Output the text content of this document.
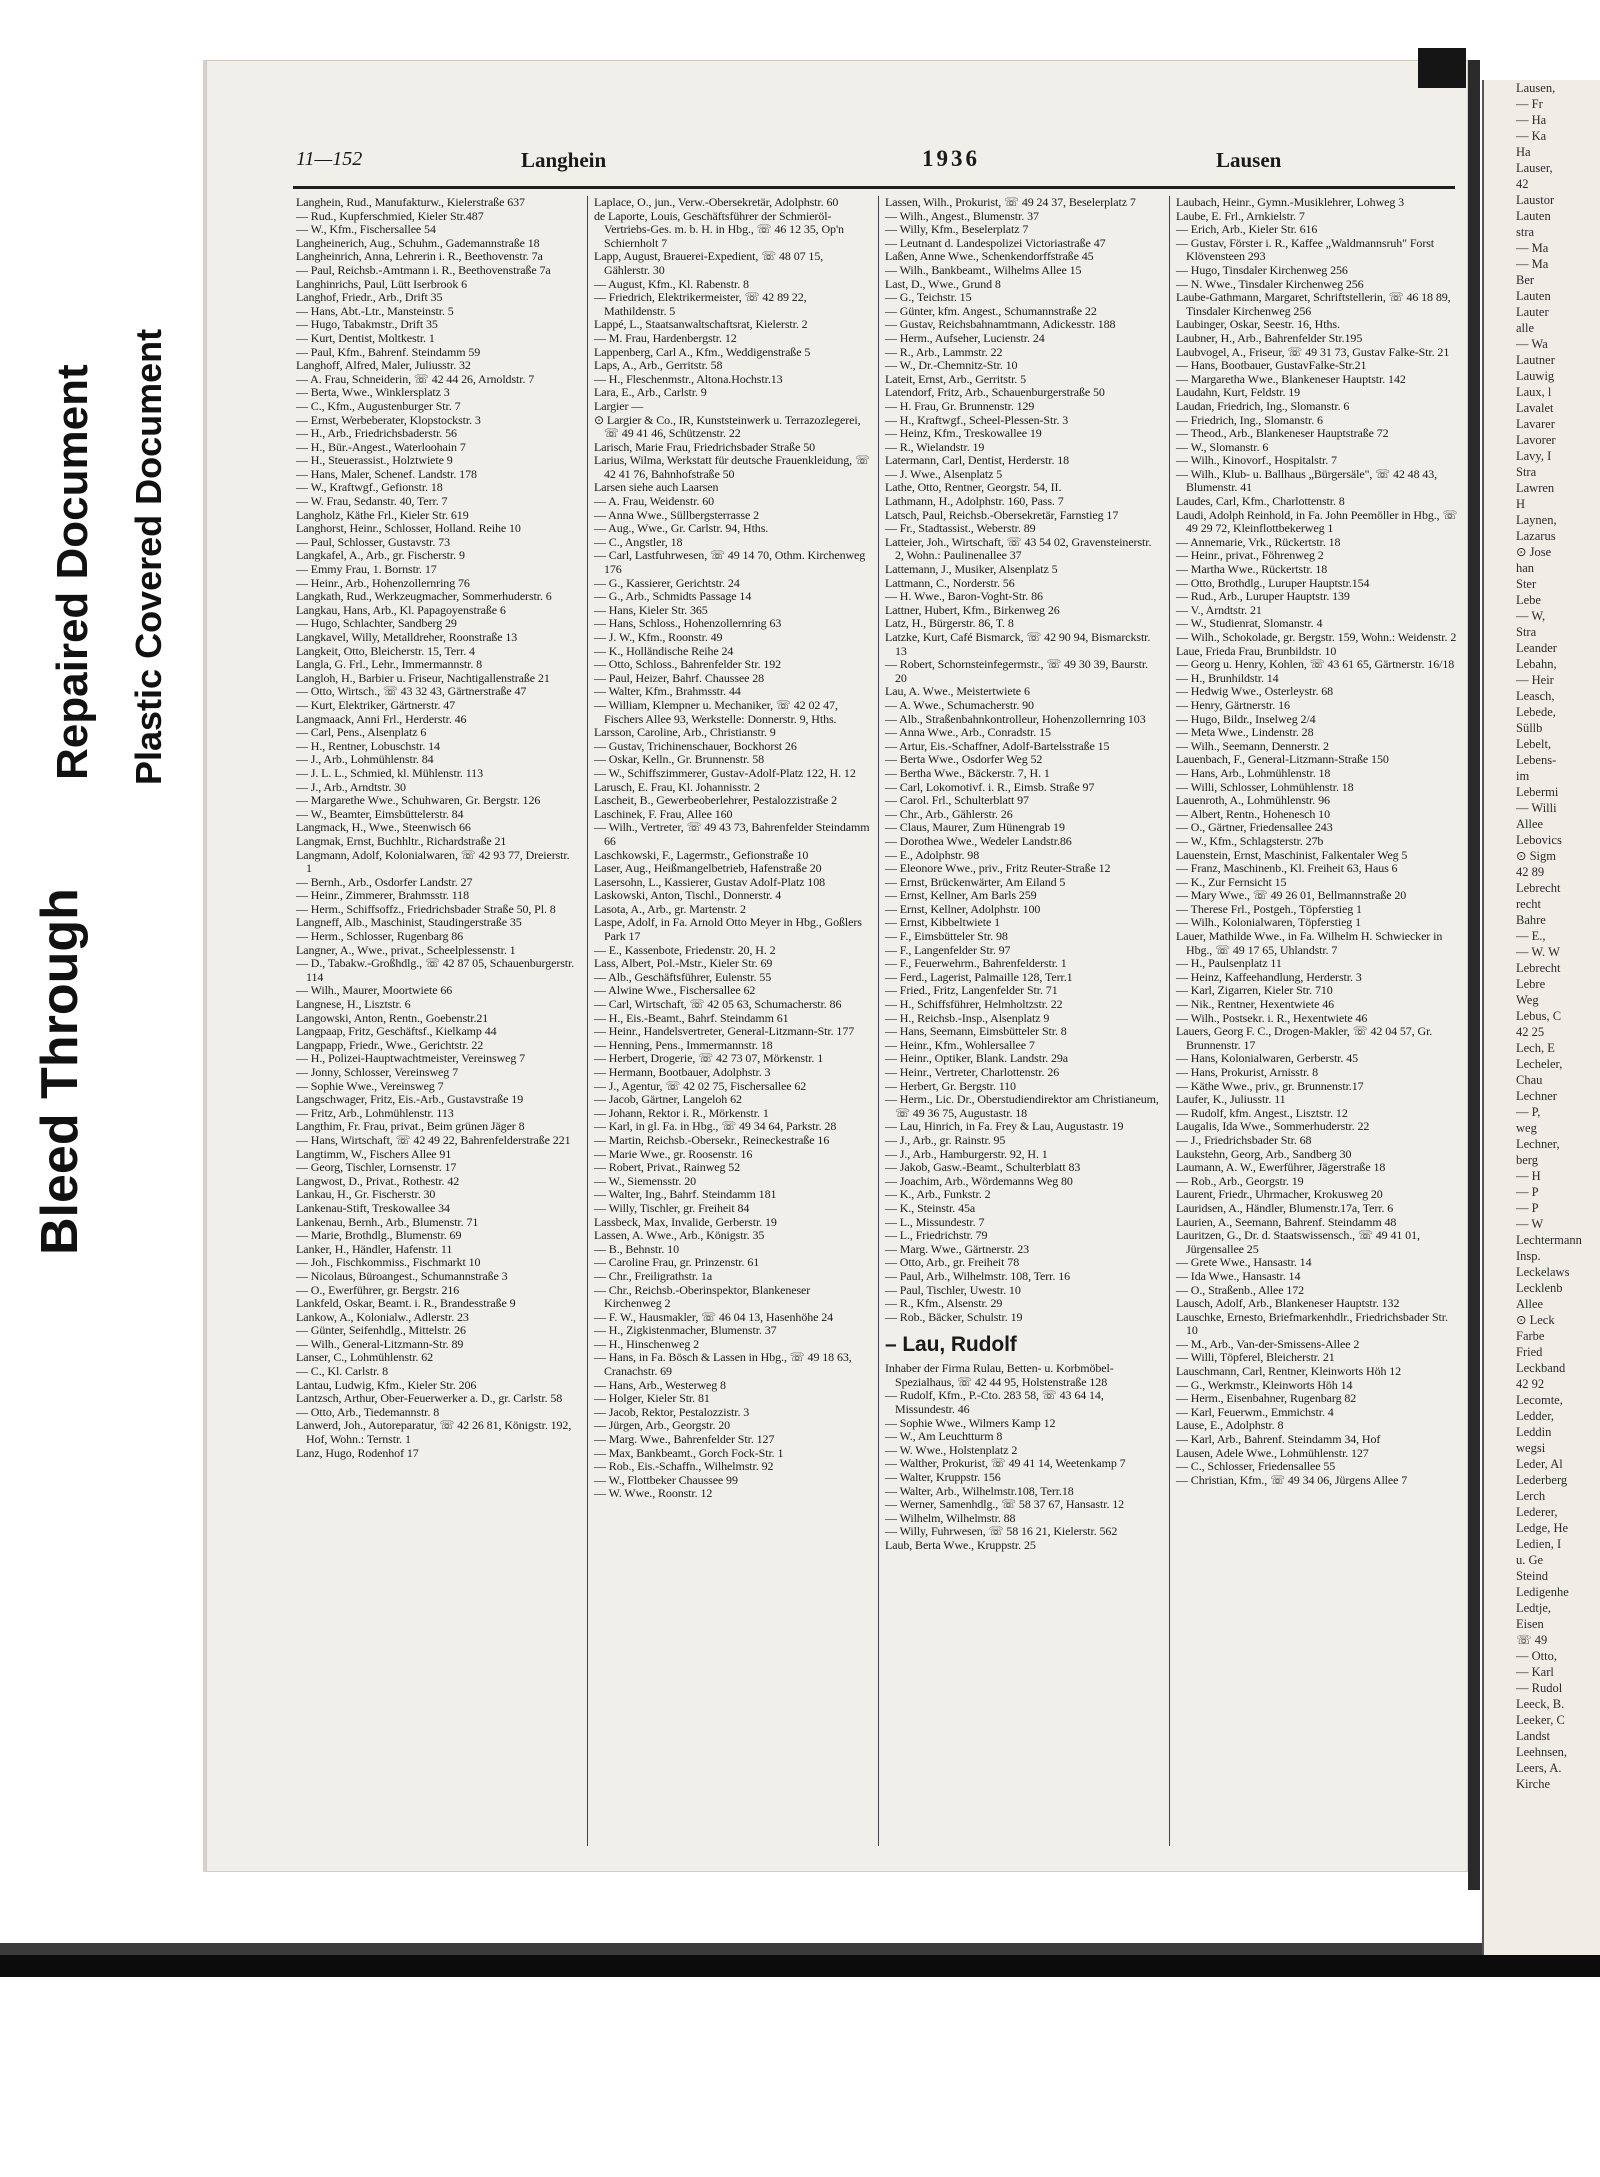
Bleed Through
Repaired Document Plastic Covered Document
11—152	Langhein	1936	Lausen

Langhein, Rud., Manufakturw., Kielerstraße 637

— Rud., Kupferschmied, Kieler Str.487

— W., Kfm., Fischersallee 54

Langheinerich, Aug., Schuhm., Gademannstraße 18

Langheinrich, Anna, Lehrerin i. R., Beethovenstr. 7a

— Paul, Reichsb.-Amtmann i. R., Beethovenstraße 7a

Langhinrichs, Paul, Lütt Iserbrook 6

Langhof, Friedr., Arb., Drift 35

— Hans, Abt.-Ltr., Mansteinstr. 5

— Hugo, Tabakmstr., Drift 35

— Kurt, Dentist, Moltkestr. 1

— Paul, Kfm., Bahrenf. Steindamm 59

Langhoff, Alfred, Maler, Juliusstr. 32

— A. Frau, Schneiderin, ☏ 42 44 26, Arnoldstr. 7

— Berta, Wwe., Winklersplatz 3

— C., Kfm., Augustenburger Str. 7

— Ernst, Werbeberater, Klopstockstr. 3

— H., Arb., Friedrichsbaderstr. 56

— H., Bür.-Angest., Waterloohain 7

— H., Steuerassist., Holztwiete 9

— Hans, Maler, Schenef. Landstr. 178

— W., Kraftwgf., Gefionstr. 18

— W. Frau, Sedanstr. 40, Terr. 7

Langholz, Käthe Frl., Kieler Str. 619

Langhorst, Heinr., Schlosser, Holland. Reihe 10

— Paul, Schlosser, Gustavstr. 73

Langkafel, A., Arb., gr. Fischerstr. 9

— Emmy Frau, 1. Bornstr. 17

— Heinr., Arb., Hohenzollernring 76

Langkath, Rud., Werkzeugmacher, Sommerhuderstr. 6

Langkau, Hans, Arb., Kl. Papagoyenstraße 6

— Hugo, Schlachter, Sandberg 29

Langkavel, Willy, Metalldreher, Roonstraße 13

Langkeit, Otto, Bleicherstr. 15, Terr. 4

Langla, G. Frl., Lehr., Immermannstr. 8

Langloh, H., Barbier u. Friseur, Nachtigallenstraße 21

— Otto, Wirtsch., ☏ 43 32 43, Gärtnerstraße 47

— Kurt, Elektriker, Gärtnerstr. 47

Langmaack, Anni Frl., Herderstr. 46

— Carl, Pens., Alsenplatz 6

— H., Rentner, Lobuschstr. 14

— J., Arb., Lohmühlenstr. 84

— J. L. L., Schmied, kl. Mühlenstr. 113

— J., Arb., Arndtstr. 30

— Margarethe Wwe., Schuhwaren, Gr. Bergstr. 126

— W., Beamter, Eimsbüttelerstr. 84

Langmack, H., Wwe., Steenwisch 66

Langmak, Ernst, Buchhltr., Richardstraße 21

Langmann, Adolf, Kolonialwaren, ☏ 42 93 77, Dreierstr. 1

— Bernh., Arb., Osdorfer Landstr. 27

— Heinr., Zimmerer, Brahmsstr. 118

— Herm., Schiffsoffz., Friedrichsbader Straße 50, Pl. 8

Langneff, Alb., Maschinist, Staudingerstraße 35

— Herm., Schlosser, Rugenbarg 86

Langner, A., Wwe., privat., Scheelplessenstr. 1

— D., Tabakw.-Großhdlg., ☏ 42 87 05, Schauenburgerstr. 114

— Wilh., Maurer, Moortwiete 66

Langnese, H., Lisztstr. 6

Langowski, Anton, Rentn., Goebenstr.21

Langpaap, Fritz, Geschäftsf., Kielkamp 44

Langpapp, Friedr., Wwe., Gerichtstr. 22

— H., Polizei-Hauptwachtmeister, Vereinsweg 7

— Jonny, Schlosser, Vereinsweg 7

— Sophie Wwe., Vereinsweg 7

Langschwager, Fritz, Eis.-Arb., Gustavstraße 19

— Fritz, Arb., Lohmühlenstr. 113

Langthim, Fr. Frau, privat., Beim grünen Jäger 8

— Hans, Wirtschaft, ☏ 42 49 22, Bahrenfelderstraße 221

Langtimm, W., Fischers Allee 91

— Georg, Tischler, Lornsenstr. 17

Langwost, D., Privat., Rothestr. 42

Lankau, H., Gr. Fischerstr. 30

Lankenau-Stift, Treskowallee 34

Lankenau, Bernh., Arb., Blumenstr. 71

— Marie, Brothdlg., Blumenstr. 69

Lanker, H., Händler, Hafenstr. 11

— Joh., Fischkommiss., Fischmarkt 10

— Nicolaus, Büroangest., Schumannstraße 3

— O., Ewerführer, gr. Bergstr. 216

Lankfeld, Oskar, Beamt. i. R., Brandesstraße 9

Lankow, A., Kolonialw., Adlerstr. 23

— Günter, Seifenhdlg., Mittelstr. 26

— Wilh., General-Litzmann-Str. 89

Lanser, C., Lohmühlenstr. 62

— C., Kl. Carlstr. 8

Lantau, Ludwig, Kfm., Kieler Str. 206

Lantzsch, Arthur, Ober-Feuerwerker a. D., gr. Carlstr. 58

— Otto, Arb., Tiedemannstr. 8

Lanwerd, Joh., Autoreparatur, ☏ 42 26 81, Königstr. 192, Hof, Wohn.: Ternstr. 1

Lanz, Hugo, Rodenhof 17

Laplace, O., jun., Verw.-Obersekretär, Adolphstr. 60

de Laporte, Louis, Geschäftsführer der Schmieröl-Vertriebs-Ges. m. b. H. in Hbg., ☏ 46 12 35, Op'n Schiernholt 7

Lapp, August, Brauerei-Expedient, ☏ 48 07 15, Gählerstr. 30

— August, Kfm., Kl. Rabenstr. 8

— Friedrich, Elektrikermeister, ☏ 42 89 22, Mathildenstr. 5

Lappé, L., Staatsanwaltschaftsrat, Kielerstr. 2

— M. Frau, Hardenbergstr. 12

Lappenberg, Carl A., Kfm., Weddigenstraße 5

Laps, A., Arb., Gerritstr. 58

— H., Fleschenmstr., Altona.Hochstr.13

Lara, E., Arb., Carlstr. 9

Largier —

⊙ Largier & Co., IR, Kunststeinwerk u. Terrazozlegerei, ☏ 49 41 46, Schützenstr. 22

Larisch, Marie Frau, Friedrichsbader Straße 50

Larius, Wilma, Werkstatt für deutsche Frauenkleidung, ☏ 42 41 76, Bahnhofstraße 50

Larsen siehe auch Laarsen

— A. Frau, Weidenstr. 60

— Anna Wwe., Süllbergsterrasse 2

— Aug., Wwe., Gr. Carlstr. 94, Hths.

— C., Angstler, 18

— Carl, Lastfuhrwesen, ☏ 49 14 70, Othm. Kirchenweg 176

— G., Kassierer, Gerichtstr. 24

— G., Arb., Schmidts Passage 14

— Hans, Kieler Str. 365

— Hans, Schloss., Hohenzollernring 63

— J. W., Kfm., Roonstr. 49

— K., Holländische Reihe 24

— Otto, Schloss., Bahrenfelder Str. 192

— Paul, Heizer, Bahrf. Chaussee 28

— Walter, Kfm., Brahmsstr. 44

— William, Klempner u. Mechaniker, ☏ 42 02 47, Fischers Allee 93, Werkstelle: Donnerstr. 9, Hths.

Larsson, Caroline, Arb., Christianstr. 9

— Gustav, Trichinenschauer, Bockhorst 26

— Oskar, Kelln., Gr. Brunnenstr. 58

— W., Schiffszimmerer, Gustav-Adolf-Platz 122, H. 12

Larusch, E. Frau, Kl. Johannisstr. 2

Lascheit, B., Gewerbeoberlehrer, Pestalozzistraße 2

Laschinek, F. Frau, Allee 160

— Wilh., Vertreter, ☏ 49 43 73, Bahrenfelder Steindamm 66

Laschkowski, F., Lagermstr., Gefionstraße 10

Laser, Aug., Heißmangelbetrieb, Hafenstraße 20

Lasersohn, L., Kassierer, Gustav Adolf-Platz 108

Laskowski, Anton, Tischl., Donnerstr. 4

Lasota, A., Arb., gr. Martenstr. 2

Laspe, Adolf, in Fa. Arnold Otto Meyer in Hbg., Goßlers Park 17

— E., Kassenbote, Friedenstr. 20, H. 2

Lass, Albert, Pol.-Mstr., Kieler Str. 69

— Alb., Geschäftsführer, Eulenstr. 55

— Alwine Wwe., Fischersallee 62

— Carl, Wirtschaft, ☏ 42 05 63, Schumacherstr. 86

— H., Eis.-Beamt., Bahrf. Steindamm 61

— Heinr., Handelsvertreter, General-Litzmann-Str. 177

— Henning, Pens., Immermannstr. 18

— Herbert, Drogerie, ☏ 42 73 07, Mörkenstr. 1

— Hermann, Bootbauer, Adolphstr. 3

— J., Agentur, ☏ 42 02 75, Fischersallee 62

— Jacob, Gärtner, Langeloh 62

— Johann, Rektor i. R., Mörkenstr. 1

— Karl, in gl. Fa. in Hbg., ☏ 49 34 64, Parkstr. 28

— Martin, Reichsb.-Obersekr., Reineckestraße 16

— Marie Wwe., gr. Roosenstr. 16

— Robert, Privat., Rainweg 52

— W., Siemensstr. 20

— Walter, Ing., Bahrf. Steindamm 181

— Willy, Tischler, gr. Freiheit 84

Lassbeck, Max, Invalide, Gerberstr. 19

Lassen, A. Wwe., Arb., Königstr. 35

— B., Behnstr. 10

— Caroline Frau, gr. Prinzenstr. 61

— Chr., Freiligrathstr. 1a

— Chr., Reichsb.-Oberinspektor, Blankeneser Kirchenweg 2

— F. W., Hausmakler, ☏ 46 04 13, Hasenhöhe 24

— H., Zigkistenmacher, Blumenstr. 37

— H., Hinschenweg 2

— Hans, in Fa. Bösch & Lassen in Hbg., ☏ 49 18 63, Cranachstr. 69

— Hans, Arb., Westerweg 8

— Holger, Kieler Str. 81

— Jacob, Rektor, Pestalozzistr. 3

— Jürgen, Arb., Georgstr. 20

— Marg. Wwe., Bahrenfelder Str. 127

— Max, Bankbeamt., Gorch Fock-Str. 1

— Rob., Eis.-Schaffn., Wilhelmstr. 92

— W., Flottbeker Chaussee 99

— W. Wwe., Roonstr. 12

Lassen, Wilh., Prokurist, ☏ 49 24 37, Beselerplatz 7

— Wilh., Angest., Blumenstr. 37

— Willy, Kfm., Beselerplatz 7

— Leutnant d. Landespolizei Victoriastraße 47

Laßen, Anne Wwe., Schenkendorffstraße 45

— Wilh., Bankbeamt., Wilhelms Allee 15

Last, D., Wwe., Grund 8

— G., Teichstr. 15

— Günter, kfm. Angest., Schumannstraße 22

— Gustav, Reichsbahnamtmann, Adickesstr. 188

— Herm., Aufseher, Lucienstr. 24

— R., Arb., Lammstr. 22

— W., Dr.-Chemnitz-Str. 10

Lateit, Ernst, Arb., Gerritstr. 5

Latendorf, Fritz, Arb., Schauenburgerstraße 50

— H. Frau, Gr. Brunnenstr. 129

— H., Kraftwgf., Scheel-Plessen-Str. 3

— Heinz, Kfm., Treskowallee 19

— R., Wielandstr. 19

Latermann, Carl, Dentist, Herderstr. 18

— J. Wwe., Alsenplatz 5

Lathe, Otto, Rentner, Georgstr. 54, II.

Lathmann, H., Adolphstr. 160, Pass. 7

Latsch, Paul, Reichsb.-Obersekretär, Farnstieg 17

— Fr., Stadtassist., Weberstr. 89

Latteier, Joh., Wirtschaft, ☏ 43 54 02, Gravensteinerstr. 2, Wohn.: Paulinenallee 37

Lattemann, J., Musiker, Alsenplatz 5

Lattmann, C., Norderstr. 56

— H. Wwe., Baron-Voght-Str. 86

Lattner, Hubert, Kfm., Birkenweg 26

Latz, H., Bürgerstr. 86, T. 8

Latzke, Kurt, Café Bismarck, ☏ 42 90 94, Bismarckstr. 13

— Robert, Schornsteinfegermstr., ☏ 49 30 39, Baurstr. 20

Lau, A. Wwe., Meistertwiete 6

— A. Wwe., Schumacherstr. 90

— Alb., Straßenbahnkontrolleur, Hohenzollernring 103

— Anna Wwe., Arb., Conradstr. 15

— Artur, Eis.-Schaffner, Adolf-Bartelsstraße 15

— Berta Wwe., Osdorfer Weg 52

— Bertha Wwe., Bäckerstr. 7, H. 1

— Carl, Lokomotivf. i. R., Eimsb. Straße 97

— Carol. Frl., Schulterblatt 97

— Chr., Arb., Gählerstr. 26

— Claus, Maurer, Zum Hünengrab 19

— Dorothea Wwe., Wedeler Landstr.86

— E., Adolphstr. 98

— Eleonore Wwe., priv., Fritz Reuter-Straße 12

— Ernst, Brückenwärter, Am Eiland 5

— Ernst, Kellner, Am Barls 259

— Ernst, Kellner, Adolphstr. 100

— Ernst, Kibbeltwiete 1

— F., Eimsbütteler Str. 98

— F., Langenfelder Str. 97

— F., Feuerwehrm., Bahrenfelderstr. 1

— Ferd., Lagerist, Palmaille 128, Terr.1

— Fried., Fritz, Langenfelder Str. 71

— H., Schiffsführer, Helmholtzstr. 22

— H., Reichsb.-Insp., Alsenplatz 9

— Hans, Seemann, Eimsbütteler Str. 8

— Heinr., Kfm., Wohlersallee 7

— Heinr., Optiker, Blank. Landstr. 29a

— Heinr., Vertreter, Charlottenstr. 26

— Herbert, Gr. Bergstr. 110

— Herm., Lic. Dr., Oberstudiendirektor am Christianeum, ☏ 49 36 75, Augustastr. 18

— Lau, Hinrich, in Fa. Frey & Lau, Augustastr. 19

— J., Arb., gr. Rainstr. 95

— J., Arb., Hamburgerstr. 92, H. 1

— Jakob, Gasw.-Beamt., Schulterblatt 83

— Joachim, Arb., Wördemanns Weg 80

— K., Arb., Funkstr. 2

— K., Steinstr. 45a

— L., Missundestr. 7

— L., Friedrichstr. 79

— Marg. Wwe., Gärtnerstr. 23

— Otto, Arb., gr. Freiheit 78

— Paul, Arb., Wilhelmstr. 108, Terr. 16

— Paul, Tischler, Uwestr. 10

— R., Kfm., Alsenstr. 29

— Rob., Bäcker, Schulstr. 19

– Lau, Rudolf

Inhaber der Firma Rulau, Betten- u. Korbmöbel-Spezialhaus, ☏ 42 44 95, Holstenstraße 128

— Rudolf, Kfm., P.-Cto. 283 58, ☏ 43 64 14, Missundestr. 46

— Sophie Wwe., Wilmers Kamp 12

— W., Am Leuchtturm 8

— W. Wwe., Holstenplatz 2

— Walther, Prokurist, ☏ 49 41 14, Weetenkamp 7

— Walter, Kruppstr. 156

— Walter, Arb., Wilhelmstr.108, Terr.18

— Werner, Samenhdlg., ☏ 58 37 67, Hansastr. 12

— Wilhelm, Wilhelmstr. 88

— Willy, Fuhrwesen, ☏ 58 16 21, Kielerstr. 562

Laub, Berta Wwe., Kruppstr. 25

Laubach, Heinr., Gymn.-Musiklehrer, Lohweg 3

Laube, E. Frl., Arnkielstr. 7

— Erich, Arb., Kieler Str. 616

— Gustav, Förster i. R., Kaffee „Waldmannsruh" Forst Klövensteen 293

— Hugo, Tinsdaler Kirchenweg 256

— N. Wwe., Tinsdaler Kirchenweg 256

Laube-Gathmann, Margaret, Schriftstellerin, ☏ 46 18 89, Tinsdaler Kirchenweg 256

Laubinger, Oskar, Seestr. 16, Hths.

Laubner, H., Arb., Bahrenfelder Str.195

Laubvogel, A., Friseur, ☏ 49 31 73, Gustav Falke-Str. 21

— Hans, Bootbauer, GustavFalke-Str.21

— Margaretha Wwe., Blankeneser Hauptstr. 142

Laudahn, Kurt, Feldstr. 19

Laudan, Friedrich, Ing., Slomanstr. 6

— Friedrich, Ing., Slomanstr. 6

— Theod., Arb., Blankeneser Hauptstraße 72

— W., Slomanstr. 6

— Wilh., Kinovorf., Hospitalstr. 7

— Wilh., Klub- u. Ballhaus „Bürgersäle", ☏ 42 48 43, Blumenstr. 41

Laudes, Carl, Kfm., Charlottenstr. 8

Laudi, Adolph Reinhold, in Fa. John Peemöller in Hbg., ☏ 49 29 72, Kleinflottbekerweg 1

— Annemarie, Vrk., Rückertstr. 18

— Heinr., privat., Föhrenweg 2

— Martha Wwe., Rückertstr. 18

— Otto, Brothdlg., Luruper Hauptstr.154

— Rud., Arb., Luruper Hauptstr. 139

— V., Arndtstr. 21

— W., Studienrat, Slomanstr. 4

— Wilh., Schokolade, gr. Bergstr. 159, Wohn.: Weidenstr. 2

Laue, Frieda Frau, Brunbildstr. 10

— Georg u. Henry, Kohlen, ☏ 43 61 65, Gärtnerstr. 16/18

— H., Brunhildstr. 14

— Hedwig Wwe., Osterleystr. 68

— Henry, Gärtnerstr. 16

— Hugo, Bildr., Inselweg 2/4

— Meta Wwe., Lindenstr. 28

— Wilh., Seemann, Dennerstr. 2

Lauenbach, F., General-Litzmann-Straße 150

— Hans, Arb., Lohmühlenstr. 18

— Willi, Schlosser, Lohmühlenstr. 18

Lauenroth, A., Lohmühlenstr. 96

— Albert, Rentn., Hohenesch 10

— O., Gärtner, Friedensallee 243

— W., Kfm., Schlagsterstr. 27b

Lauenstein, Ernst, Maschinist, Falkentaler Weg 5

— Franz, Maschinenb., Kl. Freiheit 63, Haus 6

— K., Zur Fernsicht 15

— Mary Wwe., ☏ 49 26 01, Bellmannstraße 20

— Therese Frl., Postgeh., Töpferstieg 1

— Wilh., Kolonialwaren, Töpferstieg 1

Lauer, Mathilde Wwe., in Fa. Wilhelm H. Schwiecker in Hbg., ☏ 49 17 65, Uhlandstr. 7

— H., Paulsenplatz 11

— Heinz, Kaffeehandlung, Herderstr. 3

— Karl, Zigarren, Kieler Str. 710

— Nik., Rentner, Hexentwiete 46

— Wilh., Postsekr. i. R., Hexentwiete 46

Lauers, Georg F. C., Drogen-Makler, ☏ 42 04 57, Gr. Brunnenstr. 17

— Hans, Kolonialwaren, Gerberstr. 45

— Hans, Prokurist, Arnisstr. 8

— Käthe Wwe., priv., gr. Brunnenstr.17

Laufer, K., Juliusstr. 11

— Rudolf, kfm. Angest., Lisztstr. 12

Laugalis, Ida Wwe., Sommerhuderstr. 22

— J., Friedrichsbader Str. 68

Laukstehn, Georg, Arb., Sandberg 30

Laumann, A. W., Ewerführer, Jägerstraße 18

— Rob., Arb., Georgstr. 19

Laurent, Friedr., Uhrmacher, Krokusweg 20

Lauridsen, A., Händler, Blumenstr.17a, Terr. 6

Laurien, A., Seemann, Bahrenf. Steindamm 48

Lauritzen, G., Dr. d. Staatswissensch., ☏ 49 41 01, Jürgensallee 25

— Grete Wwe., Hansastr. 14

— Ida Wwe., Hansastr. 14

— O., Straßenb., Allee 172

Lausch, Adolf, Arb., Blankeneser Hauptstr. 132

Lauschke, Ernesto, Briefmarkenhdlr., Friedrichsbader Str. 10

— M., Arb., Van-der-Smissens-Allee 2

— Willi, Töpferel, Bleicherstr. 21

Lauschmann, Carl, Rentner, Kleinworts Höh 12

— G., Werkmstr., Kleinworts Höh 14

— Herm., Eisenbahner, Rugenbarg 82

— Karl, Feuerwm., Emmichstr. 4

Lause, E., Adolphstr. 8

— Karl, Arb., Bahrenf. Steindamm 34, Hof

Lausen, Adele Wwe., Lohmühlenstr. 127

— C., Schlosser, Friedensallee 55

— Christian, Kfm., ☏ 49 34 06, Jürgens Allee 7

Lausen,
— Fr
— Ha
— Ka
Ha
Lauser,
42
Laustor
Lauten
stra
— Ma
— Ma
Ber
Lauten
Lauter
alle
— Wa
Lautner
Lauwig
Laux, l
Lavalet
Lavarer
Lavorer
Lavy, I
Stra
Lawren
H
Laynen,
Lazarus
⊙ Jose
han
Ster
Lebe
— W,
Stra
Leander
Lebahn,
— Heir
Leasch,
Lebede,
Süllb
Lebelt,
Lebens-
im
Lebermi
— Willi
Allee
Lebovics
⊙ Sigm
42 89
Lebrecht
recht
Bahre
— E.,
— W. W
Lebrecht
Lebre
Weg
Lebus, C
42 25
Lech, E
Lecheler,
Chau
Lechner
— P,
weg
Lechner,
berg
— H
— P
— P
— W
Lechtermann
Insp.
Leckelaws
Lecklenb
Allee
⊙ Leck
Farbe
Fried
Leckband
42 92
Lecomte,
Ledder,
Leddin
wegsi
Leder, Al
Lederberg
Lerch
Lederer,
Ledge, He
Ledien, I
u. Ge
Steind
Ledigenhe
Ledtje,
Eisen
☏ 49
— Otto,
— Karl
— Rudol
Leeck, B.
Leeker, C
Landst
Leehnsen,
Leers, A.
Kirche
